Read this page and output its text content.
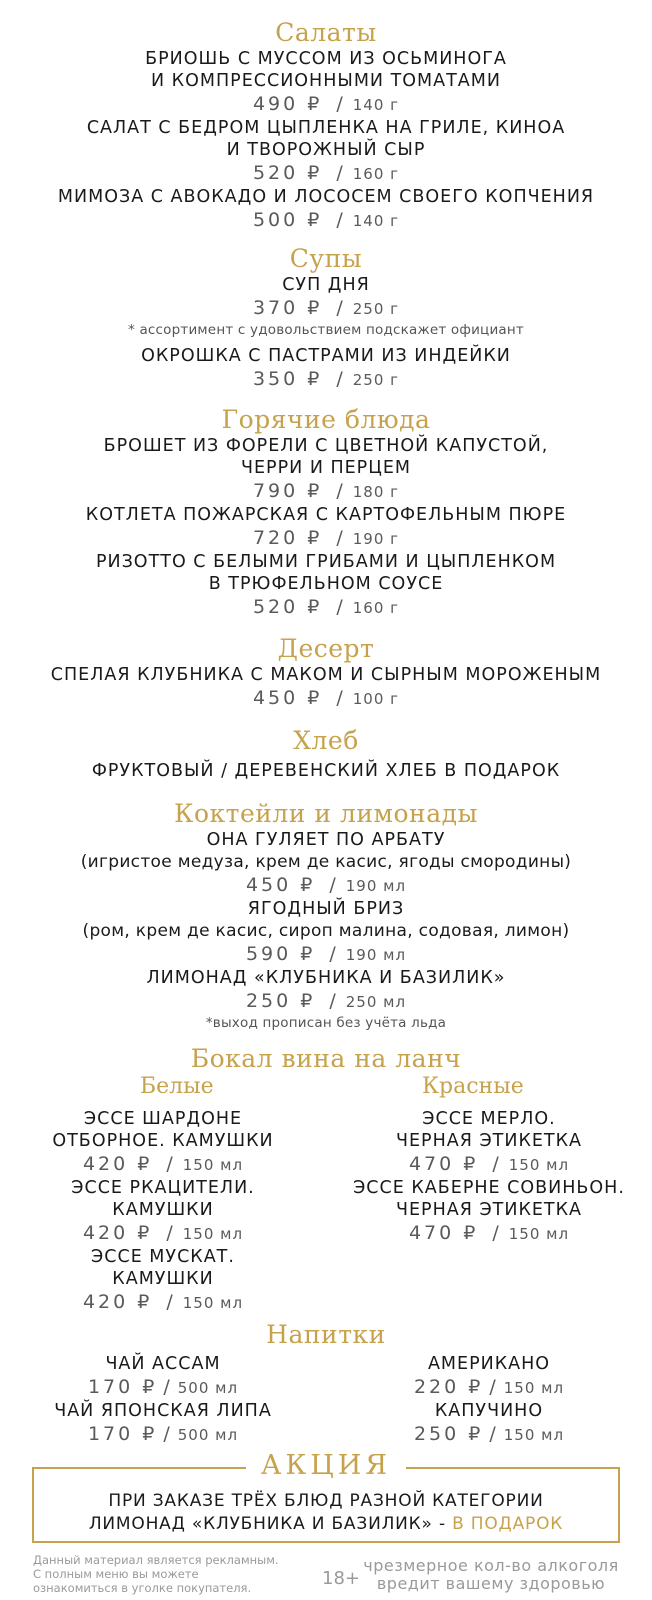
Салаты
БРИОШЬ С МУССОМ ИЗ ОСЬМИНОГА
И КОМПРЕССИОННЫМИ ТОМАТАМИ
490 ₽ / 140 г
САЛАТ С БЕДРОМ ЦЫПЛЕНКА НА ГРИЛЕ, КИНОА
И ТВОРОЖНЫЙ СЫР
520 ₽ / 160 г
МИМОЗА С АВОКАДО И ЛОСОСЕМ СВОЕГО КОПЧЕНИЯ
500 ₽ / 140 г
Супы
СУП ДНЯ
370 ₽ / 250 г
* ассортимент с удовольствием подскажет официант
ОКРОШКА С ПАСТРАМИ ИЗ ИНДЕЙКИ
350 ₽ / 250 г
Горячие блюда
БРОШЕТ ИЗ ФОРЕЛИ С ЦВЕТНОЙ КАПУСТОЙ,
ЧЕРРИ И ПЕРЦЕМ
790 ₽ / 180 г
КОТЛЕТА ПОЖАРСКАЯ С КАРТОФЕЛЬНЫМ ПЮРЕ
720 ₽ / 190 г
РИЗОТТО С БЕЛЫМИ ГРИБАМИ И ЦЫПЛЕНКОМ
В ТРЮФЕЛЬНОМ СОУСЕ
520 ₽ / 160 г
Десерт
СПЕЛАЯ КЛУБНИКА С МАКОМ И СЫРНЫМ МОРОЖЕНЫМ
450 ₽ / 100 г
Хлеб
ФРУКТОВЫЙ / ДЕРЕВЕНСКИЙ ХЛЕБ В ПОДАРОК
Коктейли и лимонады
ОНА ГУЛЯЕТ ПО АРБАТУ
(игристое медуза, крем де касис, ягоды смородины)
450 ₽ / 190 мл
ЯГОДНЫЙ БРИЗ
(ром, крем де касис, сироп малина, содовая, лимон)
590 ₽ / 190 мл
ЛИМОНАД «КЛУБНИКА И БАЗИЛИК»
250 ₽ / 250 мл
*выход прописан без учёта льда
Бокал вина на ланч
Белые
ЭССЕ ШАРДОНЕ
ОТБОРНОЕ. КАМУШКИ
420 ₽ / 150 мл
ЭССЕ РКАЦИТЕЛИ.
КАМУШКИ
420 ₽ / 150 мл
ЭССЕ МУСКАТ.
КАМУШКИ
420 ₽ / 150 мл
Красные
ЭССЕ МЕРЛО.
ЧЕРНАЯ ЭТИКЕТКА
470 ₽ / 150 мл
ЭССЕ КАБЕРНЕ СОВИНЬОН.
ЧЕРНАЯ ЭТИКЕТКА
470 ₽ / 150 мл
Напитки
ЧАЙ АССАМ
170 ₽ / 500 мл
ЧАЙ ЯПОНСКАЯ ЛИПА
170 ₽ / 500 мл
АМЕРИКАНО
220 ₽ / 150 мл
КАПУЧИНО
250 ₽ / 150 мл
АКЦИЯ
ПРИ ЗАКАЗЕ ТРЁХ БЛЮД РАЗНОЙ КАТЕГОРИИ
ЛИМОНАД «КЛУБНИКА И БАЗИЛИК» - В ПОДАРОК
Данный материал является рекламным.
С полным меню вы можете
ознакомиться в уголке покупателя.	18+
чрезмерное кол-во алкоголя
вредит вашему здоровью
